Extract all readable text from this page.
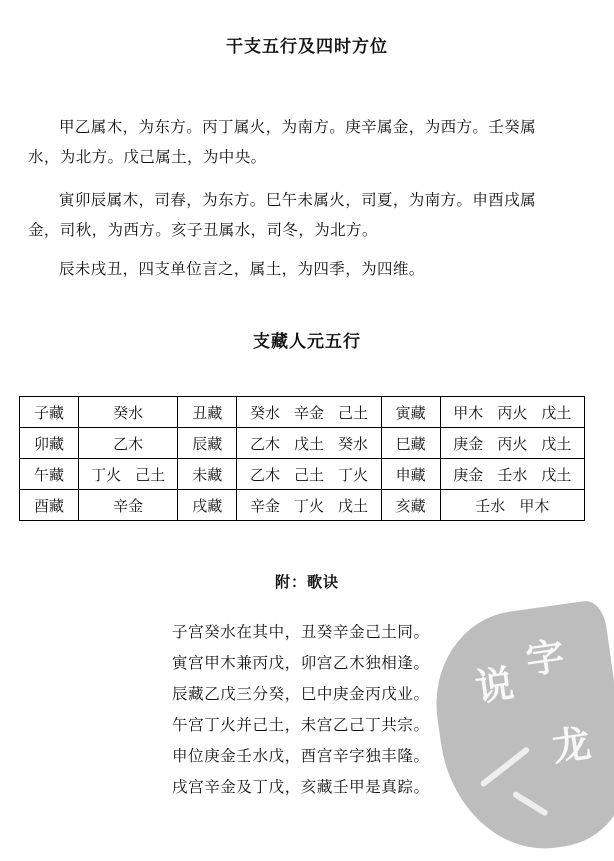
干支五行及四时方位
甲乙属木，为东方。丙丁属火，为南方。庚辛属金，为西方。壬癸属
水，为北方。戊己属土，为中央。
寅卯辰属木，司春，为东方。巳午未属火，司夏，为南方。申酉戌属
金，司秋，为西方。亥子丑属水，司冬，为北方。
辰未戌丑，四支单位言之，属土，为四季，为四维。
支藏人元五行
子藏	癸水	丑藏	癸水 辛金 己土	寅藏	甲木 丙火 戊土
卯藏	乙木	辰藏	乙木 戊土 癸水	巳藏	庚金 丙火 戊土
午藏	丁火 己土	未藏	乙木 己土 丁火	申藏	庚金 壬水 戊土
酉藏	辛金	戌藏	辛金 丁火 戊土	亥藏	壬水 甲木
附：歌诀
子宫癸水在其中，丑癸辛金己土同。
寅宫甲木兼丙戊，卯宫乙木独相逢。
辰藏乙戊三分癸，巳中庚金丙戊业。
午宫丁火并己土，未宫乙己丁共宗。
申位庚金壬水戊，酉宫辛字独丰隆。
戌宫辛金及丁戊，亥藏壬甲是真踪。
说
字
龙
